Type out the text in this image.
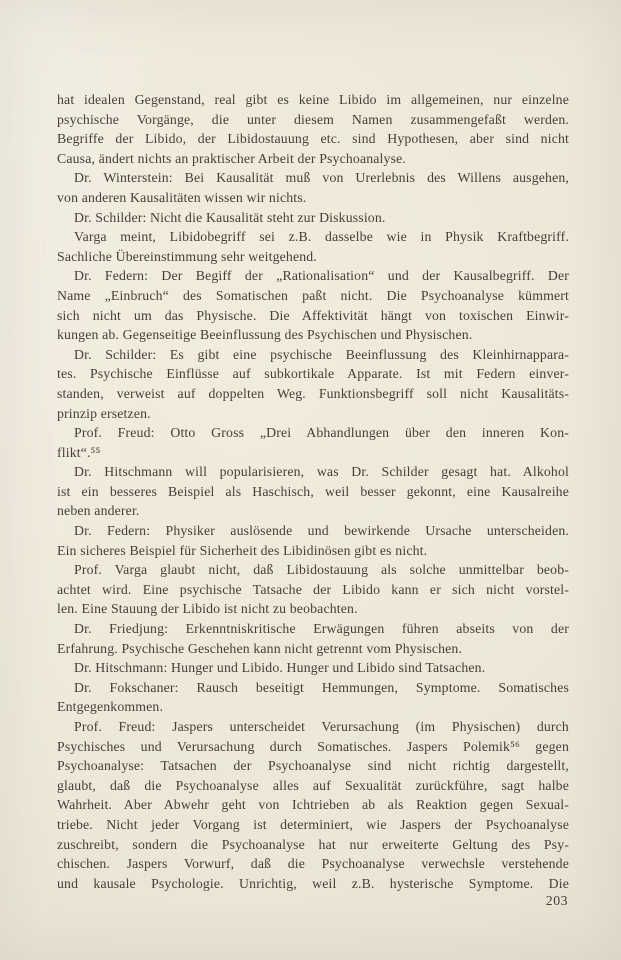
hat idealen Gegenstand, real gibt es keine Libido im allgemeinen, nur einzelne
psychische Vorgänge, die unter diesem Namen zusammengefaßt werden.
Begriffe der Libido, der Libidostauung etc. sind Hypothesen, aber sind nicht
Causa, ändert nichts an praktischer Arbeit der Psychoanalyse.
Dr. Winterstein: Bei Kausalität muß von Urerlebnis des Willens ausgehen,
von anderen Kausalitäten wissen wir nichts.
Dr. Schilder: Nicht die Kausalität steht zur Diskussion.
Varga meint, Libidobegriff sei z.B. dasselbe wie in Physik Kraftbegriff.
Sachliche Übereinstimmung sehr weitgehend.
Dr. Federn: Der Begiff der „Rationalisation“ und der Kausalbegriff. Der
Name „Einbruch“ des Somatischen paßt nicht. Die Psychoanalyse kümmert
sich nicht um das Physische. Die Affektivität hängt von toxischen Einwir-
kungen ab. Gegenseitige Beeinflussung des Psychischen und Physischen.
Dr. Schilder: Es gibt eine psychische Beeinflussung des Kleinhirnappara-
tes. Psychische Einflüsse auf subkortikale Apparate. Ist mit Federn einver-
standen, verweist auf doppelten Weg. Funktionsbegriff soll nicht Kausalitäts-
prinzip ersetzen.
Prof. Freud: Otto Gross „Drei Abhandlungen über den inneren Kon-
flikt“.⁵⁵
Dr. Hitschmann will popularisieren, was Dr. Schilder gesagt hat. Alkohol
ist ein besseres Beispiel als Haschisch, weil besser gekonnt, eine Kausalreihe
neben anderer.
Dr. Federn: Physiker auslösende und bewirkende Ursache unterscheiden.
Ein sicheres Beispiel für Sicherheit des Libidinösen gibt es nicht.
Prof. Varga glaubt nicht, daß Libidostauung als solche unmittelbar beob-
achtet wird. Eine psychische Tatsache der Libido kann er sich nicht vorstel-
len. Eine Stauung der Libido ist nicht zu beobachten.
Dr. Friedjung: Erkenntniskritische Erwägungen führen abseits von der
Erfahrung. Psychische Geschehen kann nicht getrennt vom Physischen.
Dr. Hitschmann: Hunger und Libido. Hunger und Libido sind Tatsachen.
Dr. Fokschaner: Rausch beseitigt Hemmungen, Symptome. Somatisches
Entgegenkommen.
Prof. Freud: Jaspers unterscheidet Verursachung (im Physischen) durch
Psychisches und Verursachung durch Somatisches. Jaspers Polemik⁵⁶ gegen
Psychoanalyse: Tatsachen der Psychoanalyse sind nicht richtig dargestellt,
glaubt, daß die Psychoanalyse alles auf Sexualität zurückführe, sagt halbe
Wahrheit. Aber Abwehr geht von Ichtrieben ab als Reaktion gegen Sexual-
triebe. Nicht jeder Vorgang ist determiniert, wie Jaspers der Psychoanalyse
zuschreibt, sondern die Psychoanalyse hat nur erweiterte Geltung des Psy-
chischen. Jaspers Vorwurf, daß die Psychoanalyse verwechsle verstehende
und kausale Psychologie. Unrichtig, weil z.B. hysterische Symptome. Die
203
